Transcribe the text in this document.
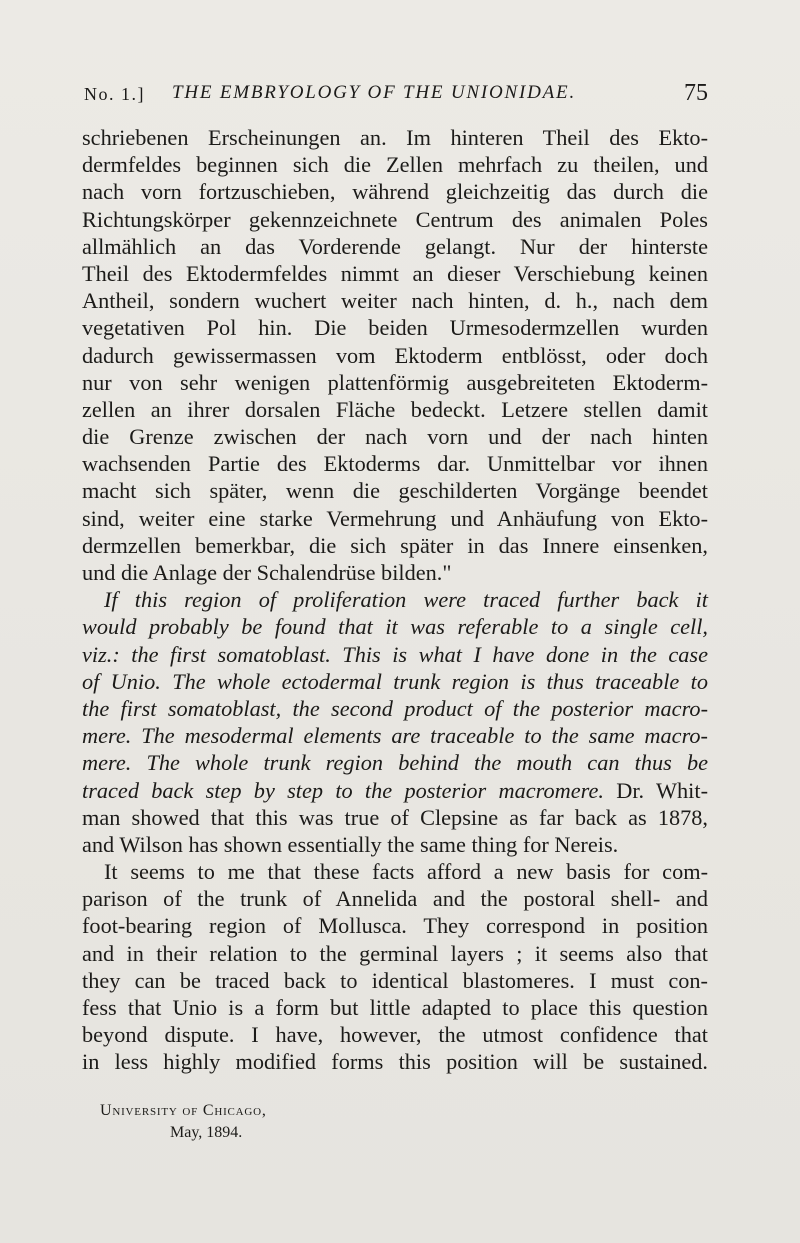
No. 1.] THE EMBRYOLOGY OF THE UNIONIDAE.	75
schriebenen Erscheinungen an. Im hinteren Theil des Ekto-
dermfeldes beginnen sich die Zellen mehrfach zu theilen, und
nach vorn fortzuschieben, während gleichzeitig das durch die
Richtungskörper gekennzeichnete Centrum des animalen Poles
allmählich an das Vorderende gelangt. Nur der hinterste
Theil des Ektodermfeldes nimmt an dieser Verschiebung keinen
Antheil, sondern wuchert weiter nach hinten, d. h., nach dem
vegetativen Pol hin. Die beiden Urmesodermzellen wurden
dadurch gewissermassen vom Ektoderm entblösst, oder doch
nur von sehr wenigen plattenförmig ausgebreiteten Ektoderm-
zellen an ihrer dorsalen Fläche bedeckt. Letzere stellen damit
die Grenze zwischen der nach vorn und der nach hinten
wachsenden Partie des Ektoderms dar. Unmittelbar vor ihnen
macht sich später, wenn die geschilderten Vorgänge beendet
sind, weiter eine starke Vermehrung und Anhäufung von Ekto-
dermzellen bemerkbar, die sich später in das Innere einsenken,
und die Anlage der Schalendrüse bilden."
If this region of proliferation were traced further back it
would probably be found that it was referable to a single cell,
viz.: the first somatoblast. This is what I have done in the case
of Unio. The whole ectodermal trunk region is thus traceable to
the first somatoblast, the second product of the posterior macro-
mere. The mesodermal elements are traceable to the same macro-
mere. The whole trunk region behind the mouth can thus be
traced back step by step to the posterior macromere. Dr. Whit-
man showed that this was true of Clepsine as far back as 1878,
and Wilson has shown essentially the same thing for Nereis.
It seems to me that these facts afford a new basis for com-
parison of the trunk of Annelida and the postoral shell- and
foot-bearing region of Mollusca. They correspond in position
and in their relation to the germinal layers ; it seems also that
they can be traced back to identical blastomeres. I must con-
fess that Unio is a form but little adapted to place this question
beyond dispute. I have, however, the utmost confidence that
in less highly modified forms this position will be sustained.
University of Chicago,
May, 1894.
